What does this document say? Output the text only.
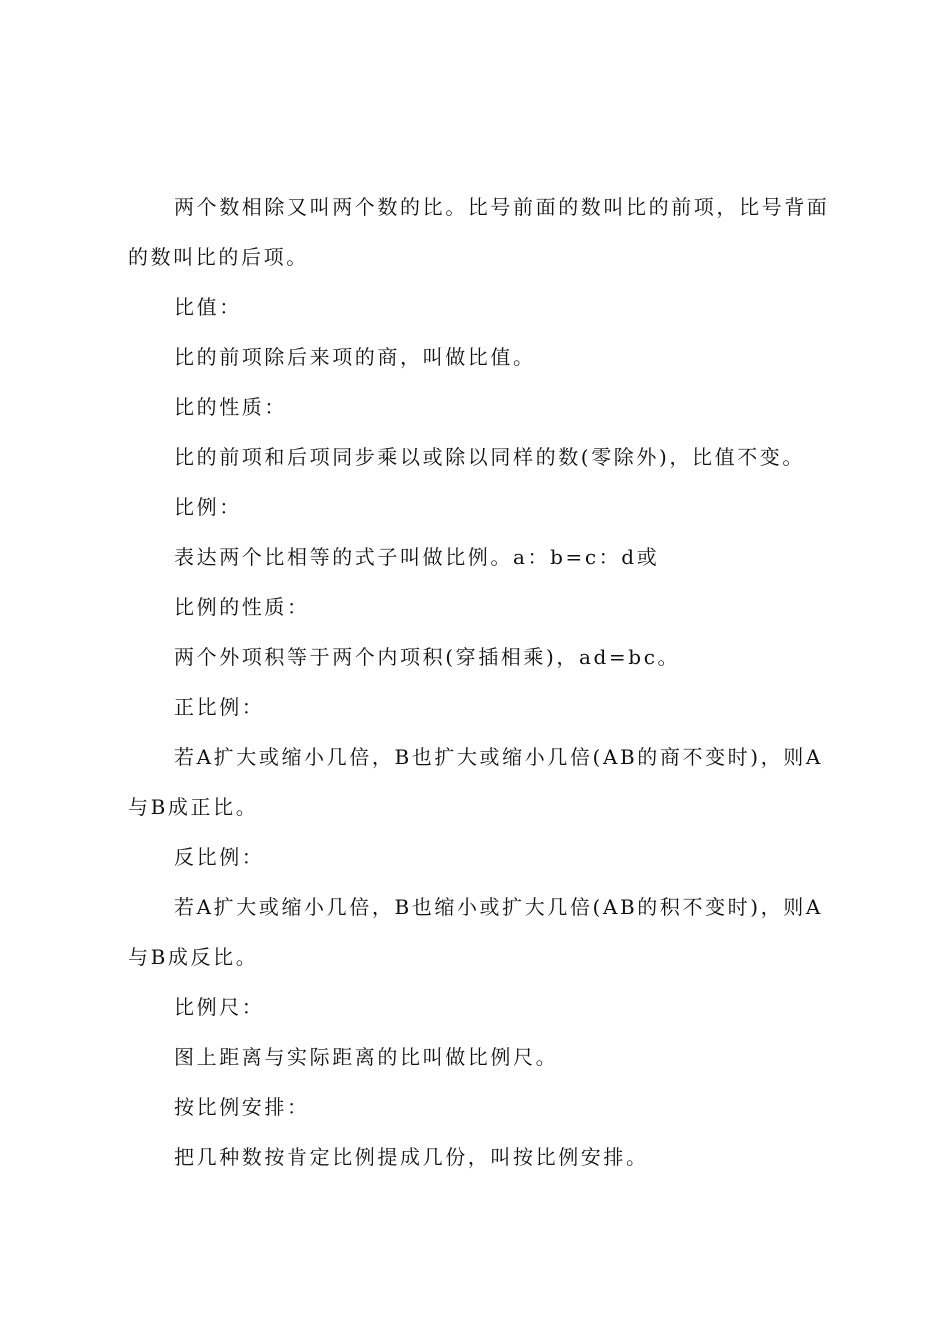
两个数相除又叫两个数的比。比号前面的数叫比的前项，比号背面的数叫比的后项。

比值：

比的前项除后来项的商，叫做比值。

比的性质：

比的前项和后项同步乘以或除以同样的数(零除外)，比值不变。

比例：

表达两个比相等的式子叫做比例。a：b=c：d或

比例的性质：

两个外项积等于两个内项积(穿插相乘)，ad=bc。

正比例：

若A扩大或缩小几倍，B也扩大或缩小几倍(AB的商不变时)，则A与B成正比。

反比例：

若A扩大或缩小几倍，B也缩小或扩大几倍(AB的积不变时)，则A与B成反比。

比例尺：

图上距离与实际距离的比叫做比例尺。

按比例安排：

把几种数按肯定比例提成几份，叫按比例安排。
